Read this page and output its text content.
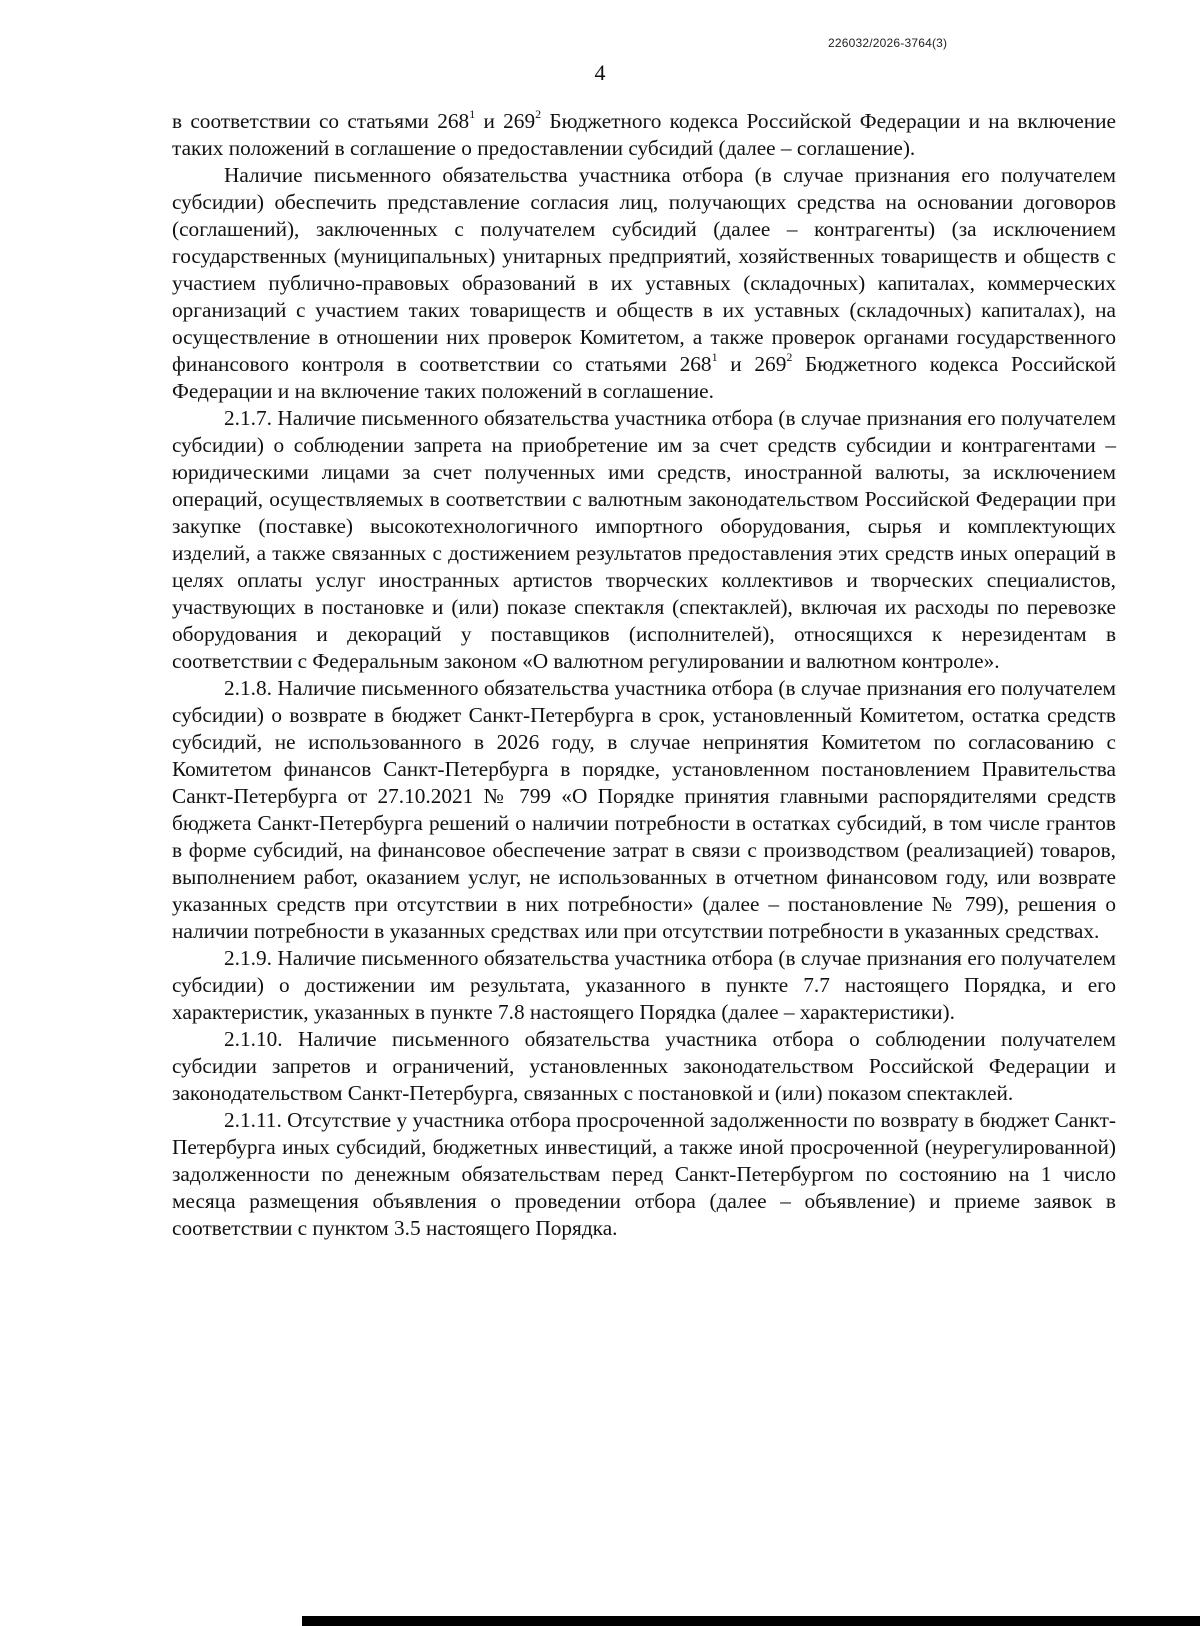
226032/2026-3764(3)
4

в соответствии со статьями $268^1$ и $269^2$ Бюджетного кодекса Российской Федерации и на включение таких положений в соглашение о предоставлении субсидий (далее – соглашение).

Наличие письменного обязательства участника отбора (в случае признания его получателем субсидии) обеспечить представление согласия лиц, получающих средства на основании договоров (соглашений), заключенных с получателем субсидий (далее – контрагенты) (за исключением государственных (муниципальных) унитарных предприятий, хозяйственных товариществ и обществ с участием публично-правовых образований в их уставных (складочных) капиталах, коммерческих организаций с участием таких товариществ и обществ в их уставных (складочных) капиталах), на осуществление в отношении них проверок Комитетом, а также проверок органами государственного финансового контроля в соответствии со статьями $268^1$ и $269^2$ Бюджетного кодекса Российской Федерации и на включение таких положений в соглашение.

2.1.7. Наличие письменного обязательства участника отбора (в случае признания его получателем субсидии) о соблюдении запрета на приобретение им за счет средств субсидии и контрагентами – юридическими лицами за счет полученных ими средств, иностранной валюты, за исключением операций, осуществляемых в соответствии с валютным законодательством Российской Федерации при закупке (поставке) высокотехнологичного импортного оборудования, сырья и комплектующих изделий, а также связанных с достижением результатов предоставления этих средств иных операций в целях оплаты услуг иностранных артистов творческих коллективов и творческих специалистов, участвующих в постановке и (или) показе спектакля (спектаклей), включая их расходы по перевозке оборудования и декораций у поставщиков (исполнителей), относящихся к нерезидентам в соответствии с Федеральным законом «О валютном регулировании и валютном контроле».

2.1.8. Наличие письменного обязательства участника отбора (в случае признания его получателем субсидии) о возврате в бюджет Санкт-Петербурга в срок, установленный Комитетом, остатка средств субсидий, не использованного в 2026 году, в случае непринятия Комитетом по согласованию с Комитетом финансов Санкт-Петербурга в порядке, установленном постановлением Правительства Санкт-Петербурга от 27.10.2021 № 799 «О Порядке принятия главными распорядителями средств бюджета Санкт-Петербурга решений о наличии потребности в остатках субсидий, в том числе грантов в форме субсидий, на финансовое обеспечение затрат в связи с производством (реализацией) товаров, выполнением работ, оказанием услуг, не использованных в отчетном финансовом году, или возврате указанных средств при отсутствии в них потребности» (далее – постановление № 799), решения о наличии потребности в указанных средствах или при отсутствии потребности в указанных средствах.

2.1.9. Наличие письменного обязательства участника отбора (в случае признания его получателем субсидии) о достижении им результата, указанного в пункте 7.7 настоящего Порядка, и его характеристик, указанных в пункте 7.8 настоящего Порядка (далее – характеристики).

2.1.10. Наличие письменного обязательства участника отбора о соблюдении получателем субсидии запретов и ограничений, установленных законодательством Российской Федерации и законодательством Санкт-Петербурга, связанных с постановкой и (или) показом спектаклей.

2.1.11. Отсутствие у участника отбора просроченной задолженности по возврату в бюджет Санкт-Петербурга иных субсидий, бюджетных инвестиций, а также иной просроченной (неурегулированной) задолженности по денежным обязательствам перед Санкт-Петербургом по состоянию на 1 число месяца размещения объявления о проведении отбора (далее – объявление) и приеме заявок в соответствии с пунктом 3.5 настоящего Порядка.
